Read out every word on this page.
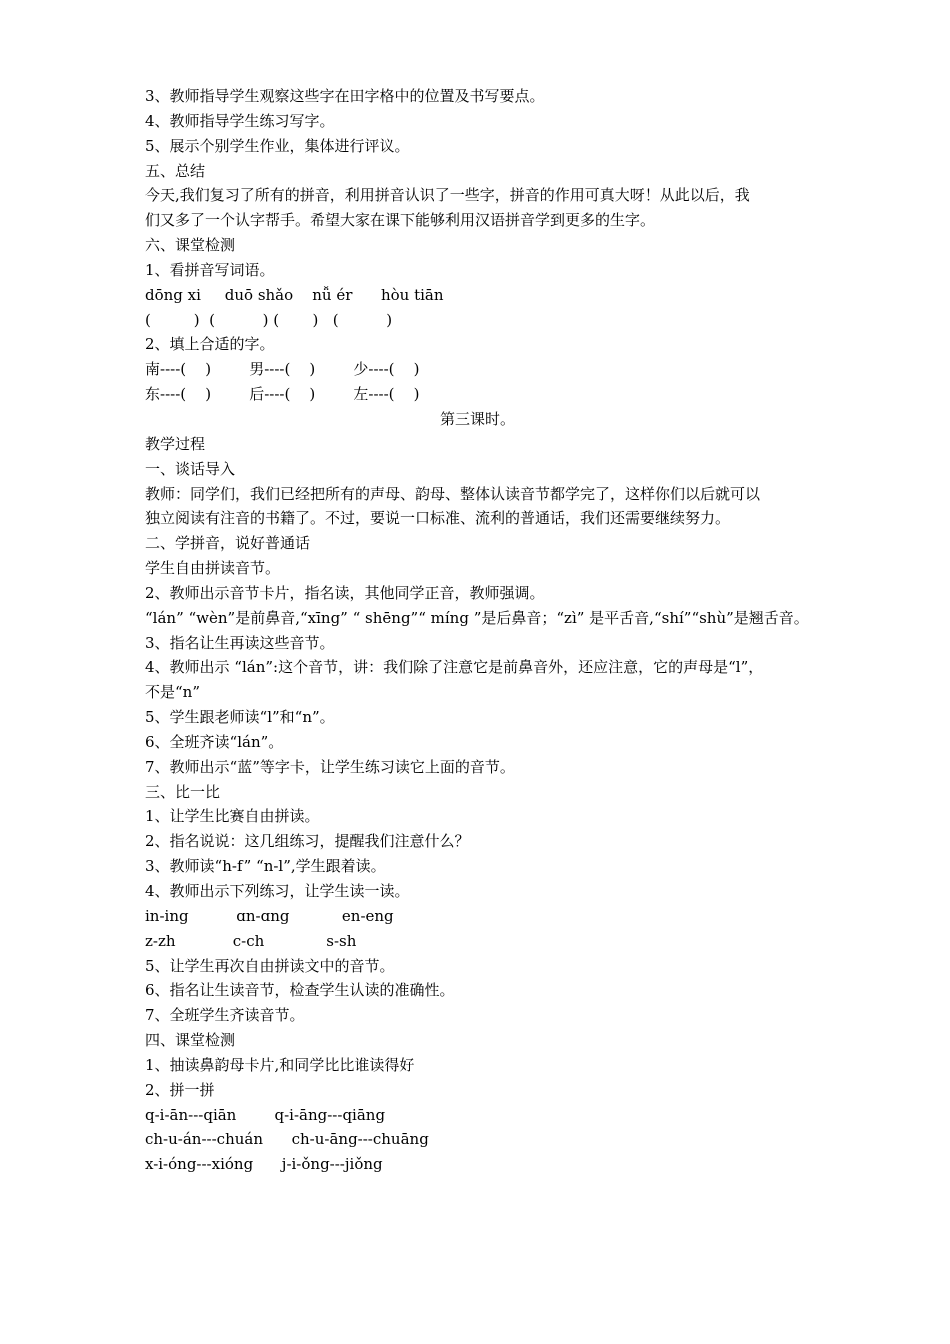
3、教师指导学生观察这些字在田字格中的位置及书写要点。
4、教师指导学生练习写字。
5、展示个别学生作业，集体进行评议。
五、总结
今天,我们复习了所有的拼音，利用拼音认识了一些字，拼音的作用可真大呀！从此以后，我
们又多了一个认字帮手。希望大家在课下能够利用汉语拼音学到更多的生字。
六、课堂检测
1、看拼音写词语。
dōng xi     duō shǎo    nǚ ér      hòu tiān
(         )  (          ) (       )   (          )
2、填上合适的字。
南----(    )        男----(    )        少----(    )
东----(    )        后----(    )        左----(    )
第三课时。
教学过程
一、谈话导入
教师：同学们，我们已经把所有的声母、韵母、整体认读音节都学完了，这样你们以后就可以
独立阅读有注音的书籍了。不过，要说一口标准、流利的普通话，我们还需要继续努力。
二、学拼音，说好普通话
学生自由拼读音节。
2、教师出示音节卡片，指名读，其他同学正音，教师强调。
“lán” “wèn”是前鼻音,“xīng” “ shēng”“ míng ”是后鼻音；“zì” 是平舌音,“shí”“shù”是翘舌音。
3、指名让生再读这些音节。
4、教师出示 “lán”:这个音节，讲：我们除了注意它是前鼻音外，还应注意，它的声母是“l”，
不是“n”
5、学生跟老师读“l”和“n”。
6、全班齐读“lán”。
7、教师出示“蓝”等字卡，让学生练习读它上面的音节。
三、比一比
1、让学生比赛自由拼读。
2、指名说说：这几组练习，提醒我们注意什么？
3、教师读“h-f” “n-l”,学生跟着读。
4、教师出示下列练习，让学生读一读。
in-ing          ɑn-ɑng           en-eng
z-zh            c-ch             s-sh
5、让学生再次自由拼读文中的音节。
6、指名让生读音节，检查学生认读的准确性。
7、全班学生齐读音节。
四、课堂检测
1、抽读鼻韵母卡片,和同学比比谁读得好
2、拼一拼
q-i-ān---qiān        q-i-āng---qiāng
ch-u-án---chuán      ch-u-āng---chuāng
x-i-óng---xióng      j-i-ǒng---jiǒng
